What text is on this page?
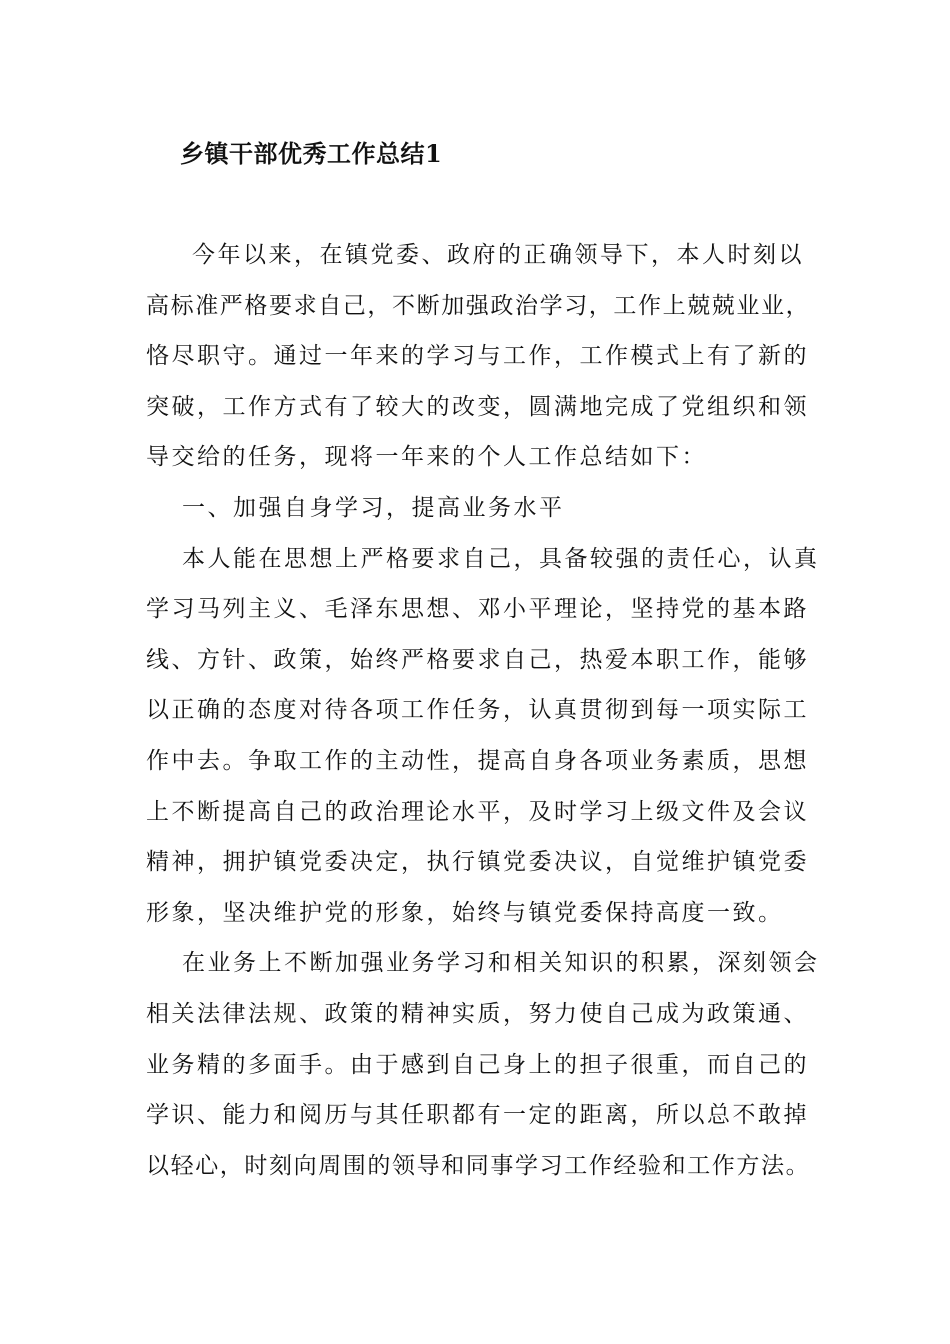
乡镇干部优秀工作总结1
今年以来，在镇党委、政府的正确领导下，本人时刻以
高标准严格要求自己，不断加强政治学习，工作上兢兢业业，
恪尽职守。通过一年来的学习与工作，工作模式上有了新的
突破，工作方式有了较大的改变，圆满地完成了党组织和领
导交给的任务，现将一年来的个人工作总结如下：
一、加强自身学习，提高业务水平
本人能在思想上严格要求自己，具备较强的责任心，认真
学习马列主义、毛泽东思想、邓小平理论，坚持党的基本路
线、方针、政策，始终严格要求自己，热爱本职工作，能够
以正确的态度对待各项工作任务，认真贯彻到每一项实际工
作中去。争取工作的主动性，提高自身各项业务素质，思想
上不断提高自己的政治理论水平，及时学习上级文件及会议
精神，拥护镇党委决定，执行镇党委决议，自觉维护镇党委
形象，坚决维护党的形象，始终与镇党委保持高度一致。
在业务上不断加强业务学习和相关知识的积累，深刻领会
相关法律法规、政策的精神实质，努力使自己成为政策通、
业务精的多面手。由于感到自己身上的担子很重，而自己的
学识、能力和阅历与其任职都有一定的距离，所以总不敢掉
以轻心，时刻向周围的领导和同事学习工作经验和工作方法。
